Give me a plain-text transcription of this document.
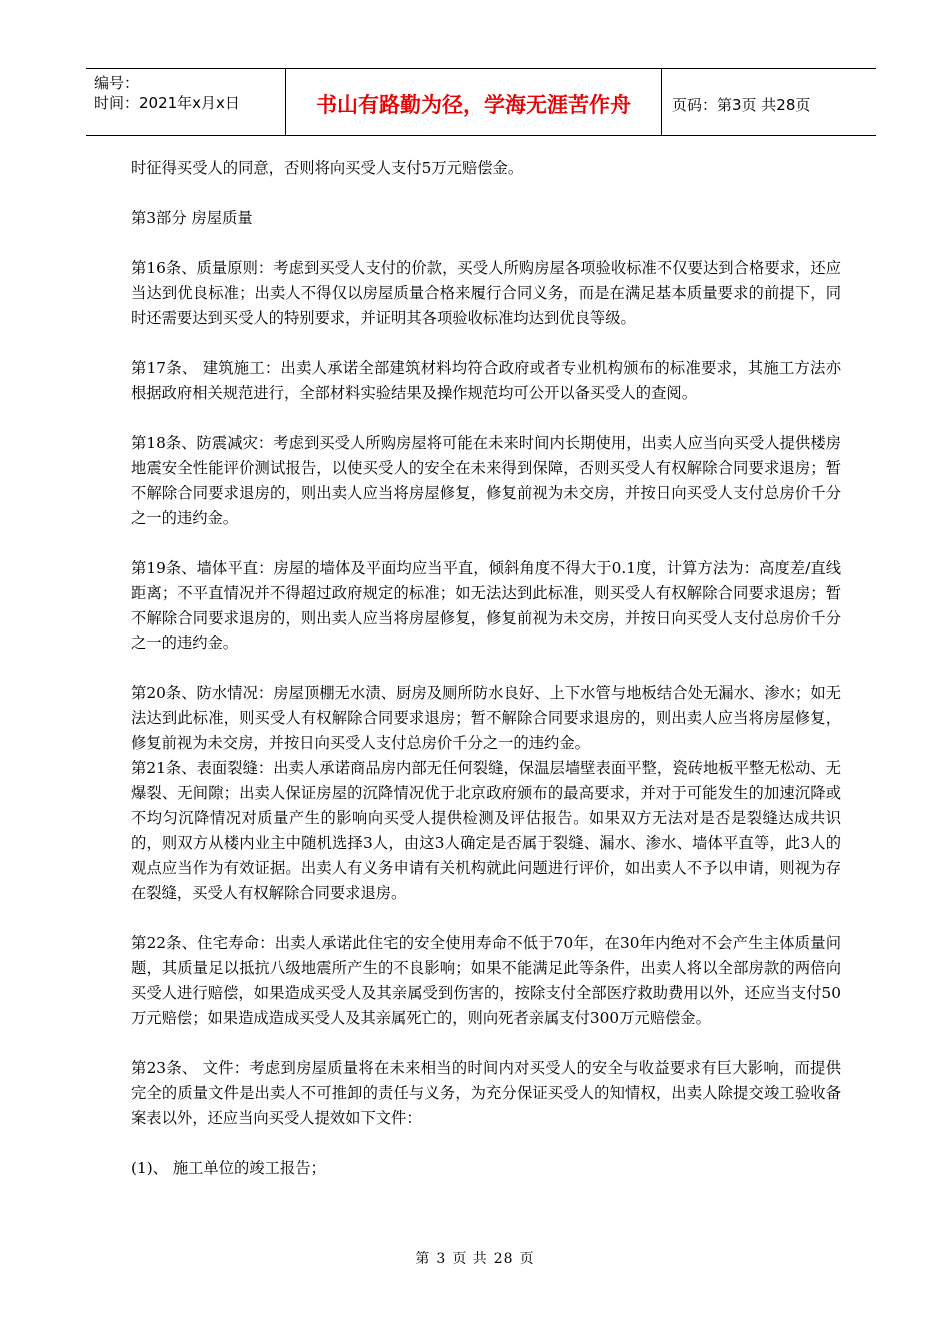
编号：
时间：2021年x月x日	书山有路勤为径，学海无涯苦作舟	页码：第3页 共28页

时征得买受人的同意，否则将向买受人支付5万元赔偿金。

第3部分 房屋质量

第16条、质量原则：考虑到买受人支付的价款，买受人所购房屋各项验收标准不仅要达到合格要求，还应当达到优良标准；出卖人不得仅以房屋质量合格来履行合同义务，而是在满足基本质量要求的前提下，同时还需要达到买受人的特别要求，并证明其各项验收标准均达到优良等级。

第17条、 建筑施工：出卖人承诺全部建筑材料均符合政府或者专业机构颁布的标准要求，其施工方法亦根据政府相关规范进行，全部材料实验结果及操作规范均可公开以备买受人的查阅。

第18条、防震减灾：考虑到买受人所购房屋将可能在未来时间内长期使用，出卖人应当向买受人提供楼房地震安全性能评价测试报告，以使买受人的安全在未来得到保障，否则买受人有权解除合同要求退房；暂不解除合同要求退房的，则出卖人应当将房屋修复，修复前视为未交房，并按日向买受人支付总房价千分之一的违约金。

第19条、墙体平直：房屋的墙体及平面均应当平直，倾斜角度不得大于0.1度，计算方法为：高度差/直线距离；不平直情况并不得超过政府规定的标准；如无法达到此标准，则买受人有权解除合同要求退房；暂不解除合同要求退房的，则出卖人应当将房屋修复，修复前视为未交房，并按日向买受人支付总房价千分之一的违约金。

第20条、防水情况：房屋顶棚无水渍、厨房及厕所防水良好、上下水管与地板结合处无漏水、渗水；如无法达到此标准，则买受人有权解除合同要求退房；暂不解除合同要求退房的，则出卖人应当将房屋修复，修复前视为未交房，并按日向买受人支付总房价千分之一的违约金。

第21条、表面裂缝：出卖人承诺商品房内部无任何裂缝，保温层墙壁表面平整，瓷砖地板平整无松动、无爆裂、无间隙；出卖人保证房屋的沉降情况优于北京政府颁布的最高要求，并对于可能发生的加速沉降或不均匀沉降情况对质量产生的影响向买受人提供检测及评估报告。如果双方无法对是否是裂缝达成共识的，则双方从楼内业主中随机选择3人，由这3人确定是否属于裂缝、漏水、渗水、墙体平直等，此3人的观点应当作为有效证据。出卖人有义务申请有关机构就此问题进行评价，如出卖人不予以申请，则视为存在裂缝，买受人有权解除合同要求退房。

第22条、住宅寿命：出卖人承诺此住宅的安全使用寿命不低于70年，在30年内绝对不会产生主体质量问题，其质量足以抵抗八级地震所产生的不良影响；如果不能满足此等条件，出卖人将以全部房款的两倍向买受人进行赔偿，如果造成买受人及其亲属受到伤害的，按除支付全部医疗救助费用以外，还应当支付50万元赔偿；如果造成造成买受人及其亲属死亡的，则向死者亲属支付300万元赔偿金。

第23条、 文件：考虑到房屋质量将在未来相当的时间内对买受人的安全与收益要求有巨大影响，而提供完全的质量文件是出卖人不可推卸的责任与义务，为充分保证买受人的知情权，出卖人除提交竣工验收备案表以外，还应当向买受人提效如下文件：

(1)、 施工单位的竣工报告；

第 3 页 共 28 页
